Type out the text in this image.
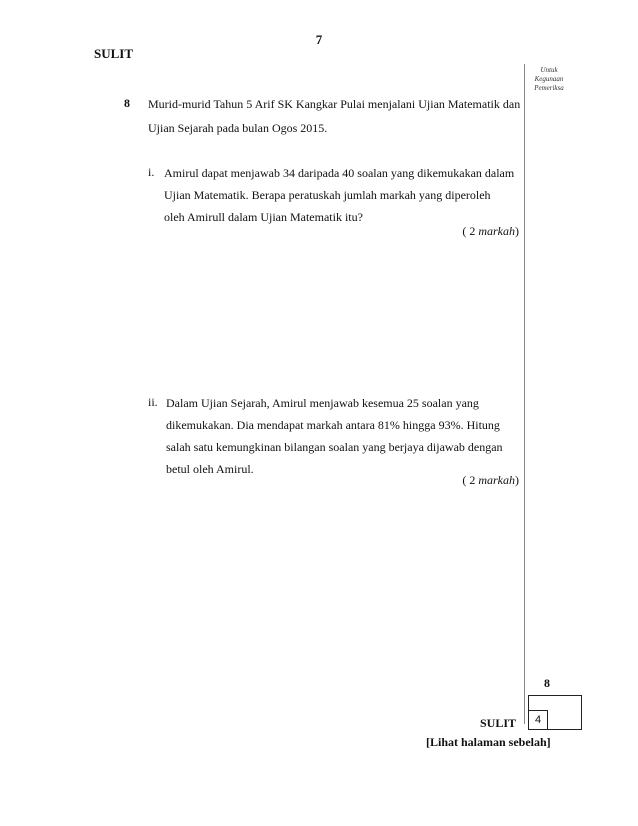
7
SULIT
Untuk
Kegunaan
Pemeriksa
8 Murid-murid Tahun 5 Arif SK Kangkar Pulai menjalani Ujian Matematik dan
Ujian Sejarah pada bulan Ogos 2015.
i. Amirul dapat menjawab 34 daripada 40 soalan yang dikemukakan dalam
Ujian Matematik. Berapa peratuskah jumlah markah yang diperoleh
oleh Amirull dalam Ujian Matematik itu?
( 2 markah)
ii. Dalam Ujian Sejarah, Amirul menjawab kesemua 25 soalan yang
dikemukakan. Dia mendapat markah antara 81% hingga 93%. Hitung
salah satu kemungkinan bilangan soalan yang berjaya dijawab dengan
betul oleh Amirul.
( 2 markah)
8
4
SULIT
[Lihat halaman sebelah]
